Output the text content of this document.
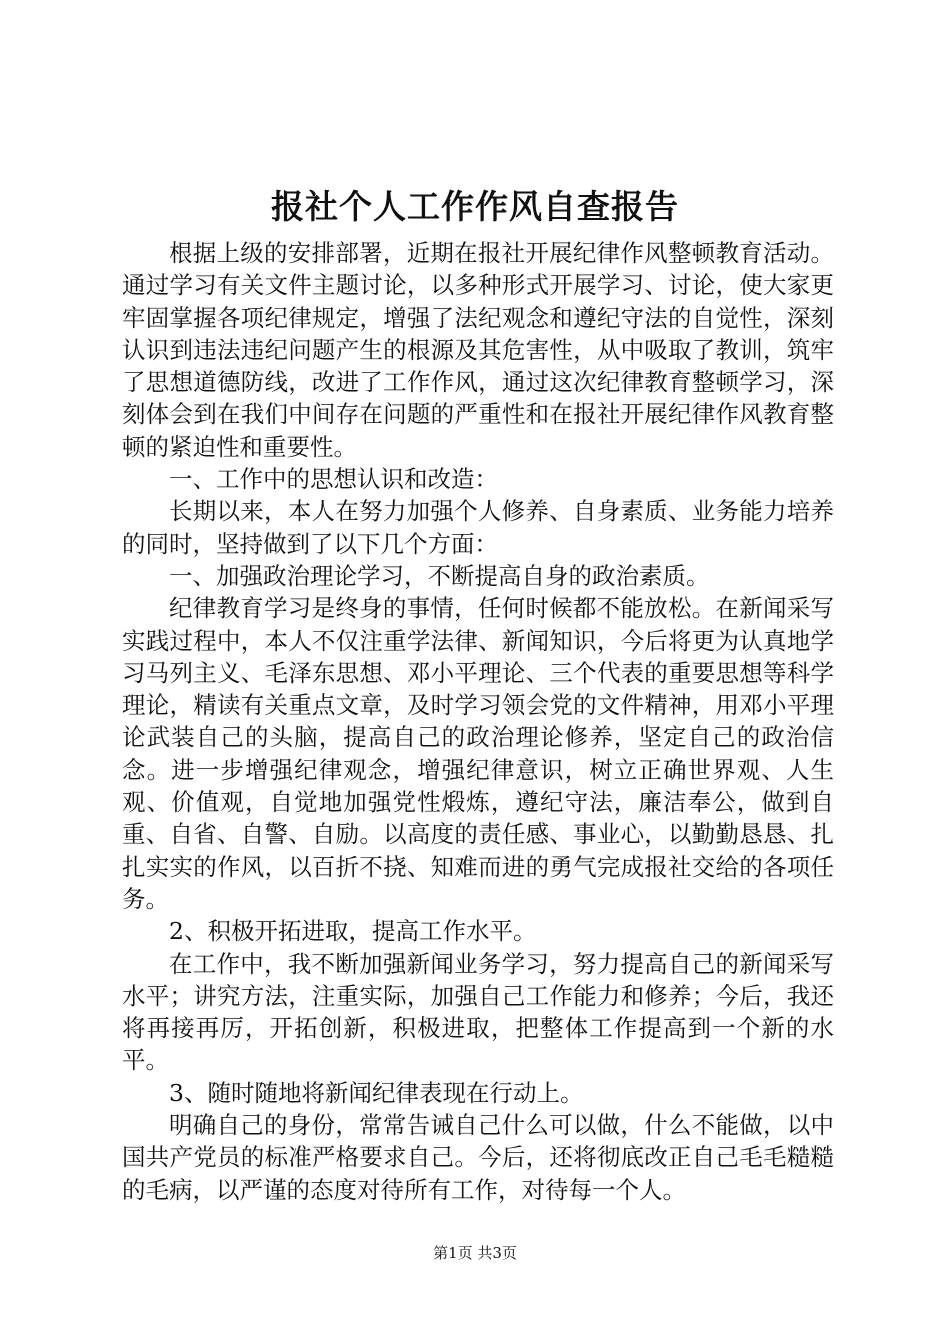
报社个人工作作风自查报告

根据上级的安排部署，近期在报社开展纪律作风整顿教育活动。通过学习有关文件主题讨论，以多种形式开展学习、讨论，使大家更牢固掌握各项纪律规定，增强了法纪观念和遵纪守法的自觉性，深刻认识到违法违纪问题产生的根源及其危害性，从中吸取了教训，筑牢了思想道德防线，改进了工作作风，通过这次纪律教育整顿学习，深刻体会到在我们中间存在问题的严重性和在报社开展纪律作风教育整顿的紧迫性和重要性。

一、工作中的思想认识和改造：

长期以来，本人在努力加强个人修养、自身素质、业务能力培养的同时，坚持做到了以下几个方面：

一、加强政治理论学习，不断提高自身的政治素质。

纪律教育学习是终身的事情，任何时候都不能放松。在新闻采写实践过程中，本人不仅注重学法律、新闻知识，今后将更为认真地学习马列主义、毛泽东思想、邓小平理论、三个代表的重要思想等科学理论，精读有关重点文章，及时学习领会党的文件精神，用邓小平理论武装自己的头脑，提高自己的政治理论修养，坚定自己的政治信念。进一步增强纪律观念，增强纪律意识，树立正确世界观、人生观、价值观，自觉地加强党性煅炼，遵纪守法，廉洁奉公，做到自重、自省、自警、自励。以高度的责任感、事业心，以勤勤恳恳、扎扎实实的作风，以百折不挠、知难而进的勇气完成报社交给的各项任务。

2、积极开拓进取，提高工作水平。

在工作中，我不断加强新闻业务学习，努力提高自己的新闻采写水平；讲究方法，注重实际，加强自己工作能力和修养；今后，我还将再接再厉，开拓创新，积极进取，把整体工作提高到一个新的水平。

3、随时随地将新闻纪律表现在行动上。

明确自己的身份，常常告诫自己什么可以做，什么不能做，以中国共产党员的标准严格要求自己。今后，还将彻底改正自己毛毛糙糙的毛病，以严谨的态度对待所有工作，对待每一个人。

第1页 共3页
